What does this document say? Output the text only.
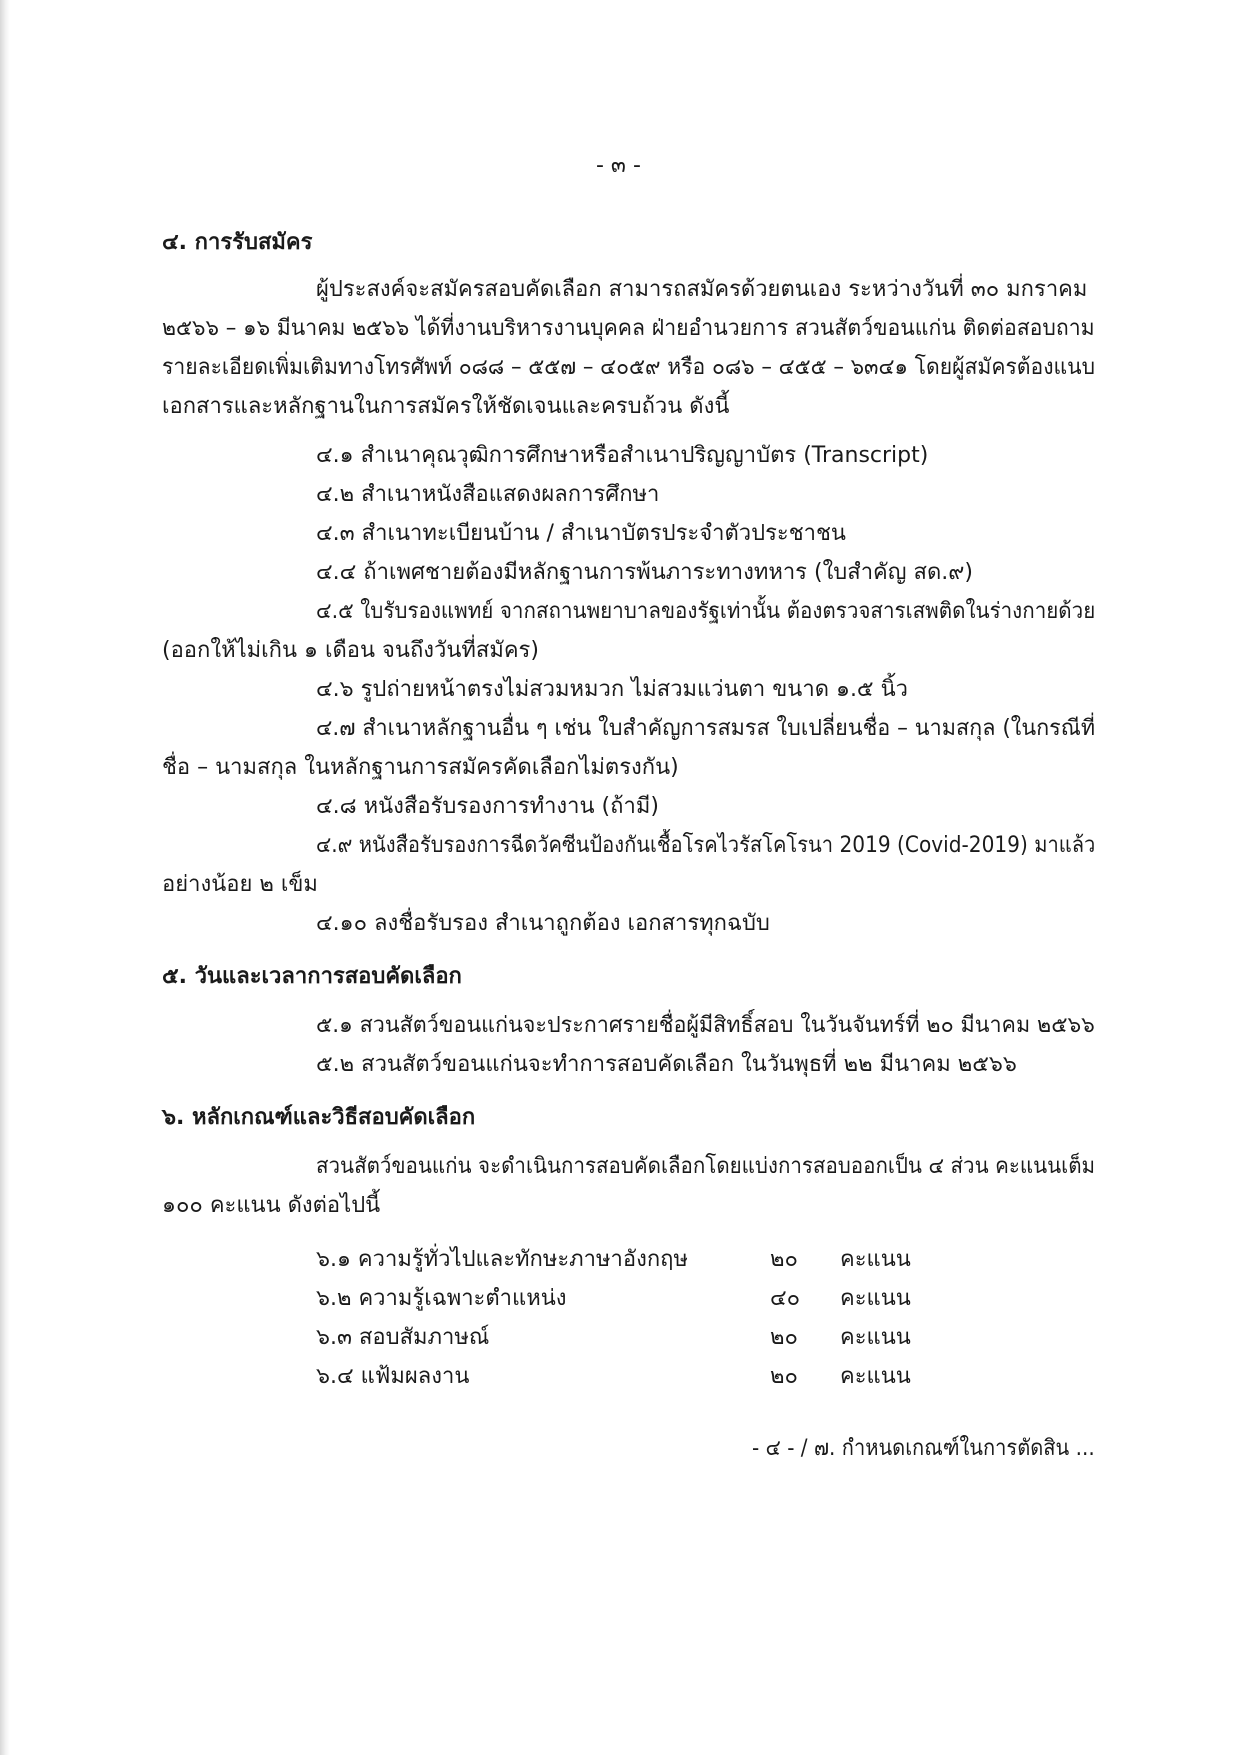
- ๓ -
๔. การรับสมัคร
ผู้ประสงค์จะสมัครสอบคัดเลือก สามารถสมัครด้วยตนเอง ระหว่างวันที่ ๓๐ มกราคม
๒๕๖๖ – ๑๖ มีนาคม ๒๕๖๖ ได้ที่งานบริหารงานบุคคล ฝ่ายอำนวยการ สวนสัตว์ขอนแก่น ติดต่อสอบถาม
รายละเอียดเพิ่มเติมทางโทรศัพท์ ๐๘๘ – ๕๕๗ – ๔๐๕๙ หรือ ๐๘๖ – ๔๕๕ – ๖๓๔๑ โดยผู้สมัครต้องแนบ
เอกสารและหลักฐานในการสมัครให้ชัดเจนและครบถ้วน ดังนี้
๔.๑ สำเนาคุณวุฒิการศึกษาหรือสำเนาปริญญาบัตร (Transcript)
๔.๒ สำเนาหนังสือแสดงผลการศึกษา
๔.๓ สำเนาทะเบียนบ้าน / สำเนาบัตรประจำตัวประชาชน
๔.๔ ถ้าเพศชายต้องมีหลักฐานการพ้นภาระทางทหาร (ใบสำคัญ สด.๙)
๔.๕ ใบรับรองแพทย์ จากสถานพยาบาลของรัฐเท่านั้น ต้องตรวจสารเสพติดในร่างกายด้วย
(ออกให้ไม่เกิน ๑ เดือน จนถึงวันที่สมัคร)
๔.๖ รูปถ่ายหน้าตรงไม่สวมหมวก ไม่สวมแว่นตา ขนาด ๑.๕ นิ้ว
๔.๗ สำเนาหลักฐานอื่น ๆ เช่น ใบสำคัญการสมรส ใบเปลี่ยนชื่อ – นามสกุล (ในกรณีที่
ชื่อ – นามสกุล ในหลักฐานการสมัครคัดเลือกไม่ตรงกัน)
๔.๘ หนังสือรับรองการทำงาน (ถ้ามี)
๔.๙ หนังสือรับรองการฉีดวัคซีนป้องกันเชื้อโรคไวรัสโคโรนา 2019 (Covid-2019) มาแล้ว
อย่างน้อย ๒ เข็ม
๔.๑๐ ลงชื่อรับรอง สำเนาถูกต้อง เอกสารทุกฉบับ
๕. วันและเวลาการสอบคัดเลือก
๕.๑ สวนสัตว์ขอนแก่นจะประกาศรายชื่อผู้มีสิทธิ์สอบ ในวันจันทร์ที่ ๒๐ มีนาคม ๒๕๖๖
๕.๒ สวนสัตว์ขอนแก่นจะทำการสอบคัดเลือก ในวันพุธที่ ๒๒ มีนาคม ๒๕๖๖
๖. หลักเกณฑ์และวิธีสอบคัดเลือก
สวนสัตว์ขอนแก่น จะดำเนินการสอบคัดเลือกโดยแบ่งการสอบออกเป็น ๔ ส่วน คะแนนเต็ม
๑๐๐ คะแนน ดังต่อไปนี้
๖.๑ ความรู้ทั่วไปและทักษะภาษาอังกฤษ	๒๐ คะแนน
๖.๒ ความรู้เฉพาะตำแหน่ง	๔๐ คะแนน
๖.๓ สอบสัมภาษณ์	๒๐ คะแนน
๖.๔ แฟ้มผลงาน	๒๐ คะแนน
- ๔ - / ๗. กำหนดเกณฑ์ในการตัดสิน ...
